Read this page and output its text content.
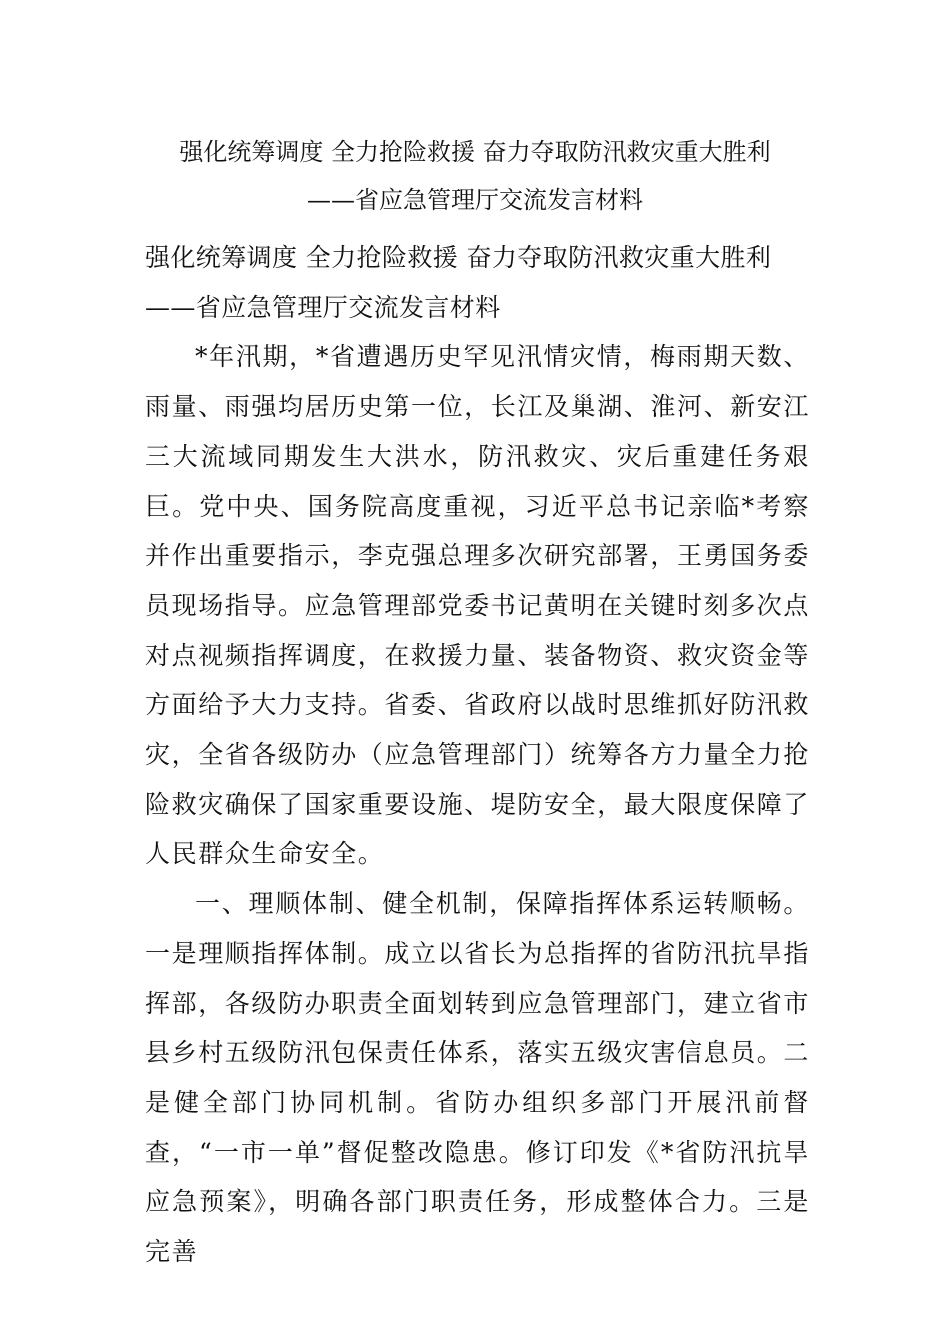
强化统筹调度 全力抢险救援 奋力夺取防汛救灾重大胜利
——省应急管理厅交流发言材料

强化统筹调度 全力抢险救援 奋力夺取防汛救灾重大胜利

——省应急管理厅交流发言材料

*年汛期，*省遭遇历史罕见汛情灾情，梅雨期天数、雨量、雨强均居历史第一位，长江及巢湖、淮河、新安江三大流域同期发生大洪水，防汛救灾、灾后重建任务艰巨。党中央、国务院高度重视，习近平总书记亲临*考察并作出重要指示，李克强总理多次研究部署，王勇国务委员现场指导。应急管理部党委书记黄明在关键时刻多次点对点视频指挥调度，在救援力量、装备物资、救灾资金等方面给予大力支持。省委、省政府以战时思维抓好防汛救灾，全省各级防办（应急管理部门）统筹各方力量全力抢险救灾确保了国家重要设施、堤防安全，最大限度保障了人民群众生命安全。

一、理顺体制、健全机制，保障指挥体系运转顺畅。一是理顺指挥体制。成立以省长为总指挥的省防汛抗旱指挥部，各级防办职责全面划转到应急管理部门，建立省市县乡村五级防汛包保责任体系，落实五级灾害信息员。二是健全部门协同机制。省防办组织多部门开展汛前督查，“一市一单”督促整改隐患。修订印发《*省防汛抗旱应急预案》，明确各部门职责任务，形成整体合力。三是完善
